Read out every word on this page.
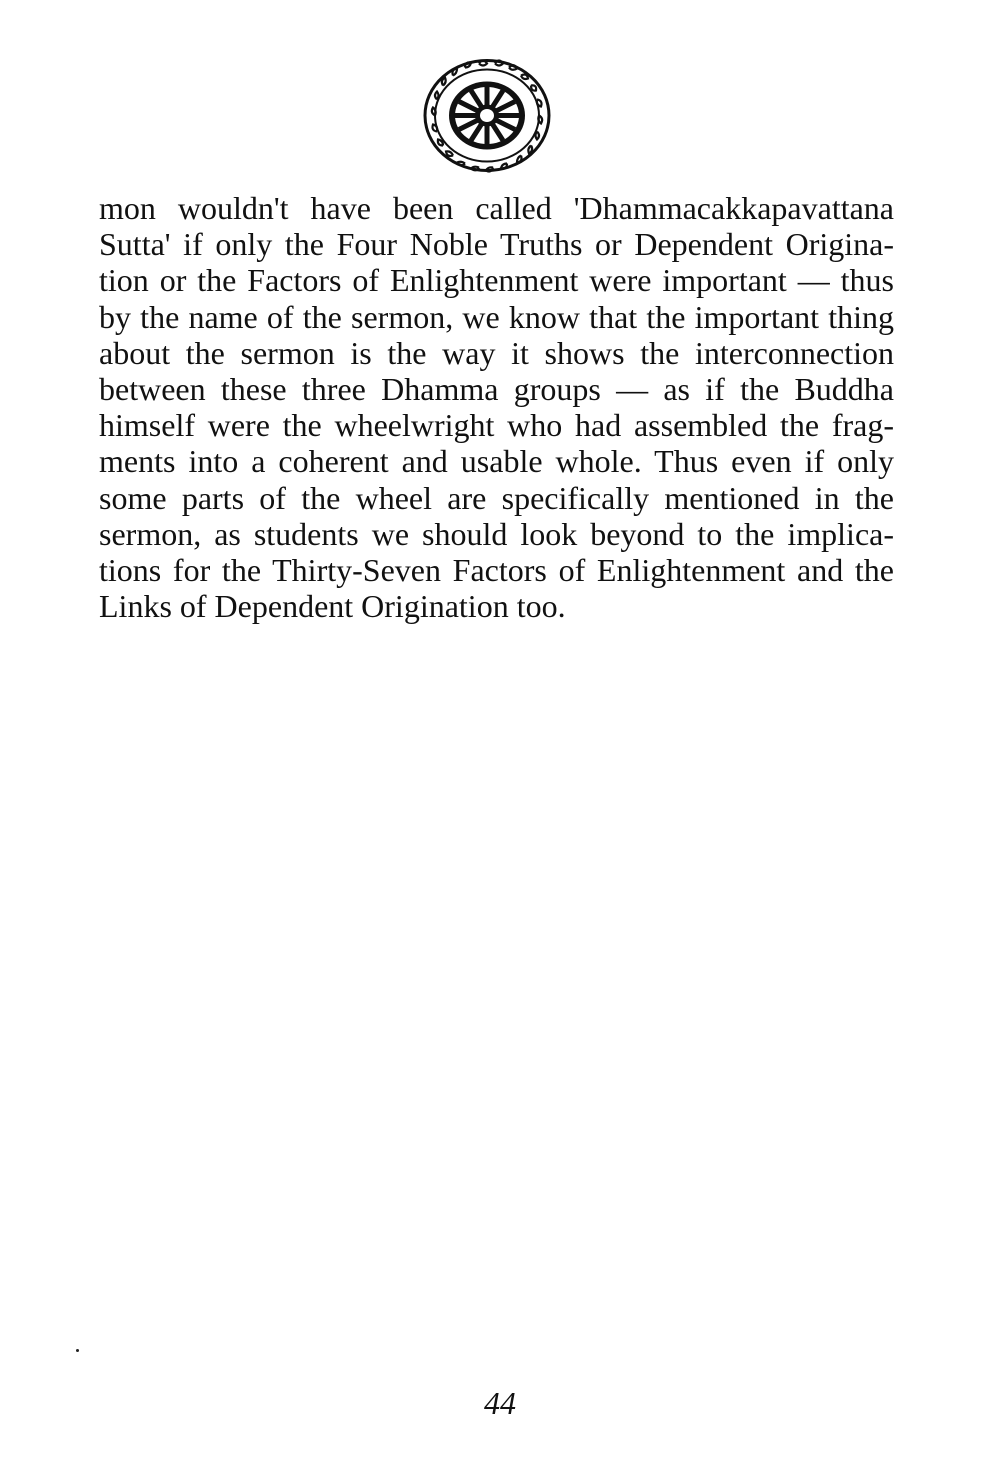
mon wouldn't have been called 'Dhammacakkapavattana
Sutta' if only the Four Noble Truths or Dependent Origina-
tion or the Factors of Enlightenment were important — thus
by the name of the sermon, we know that the important thing
about the sermon is the way it shows the interconnection
between these three Dhamma groups — as if the Buddha
himself were the wheelwright who had assembled the frag-
ments into a coherent and usable whole. Thus even if only
some parts of the wheel are specifically mentioned in the
sermon, as students we should look beyond to the implica-
tions for the Thirty-Seven Factors of Enlightenment and the
Links of Dependent Origination too.
44
